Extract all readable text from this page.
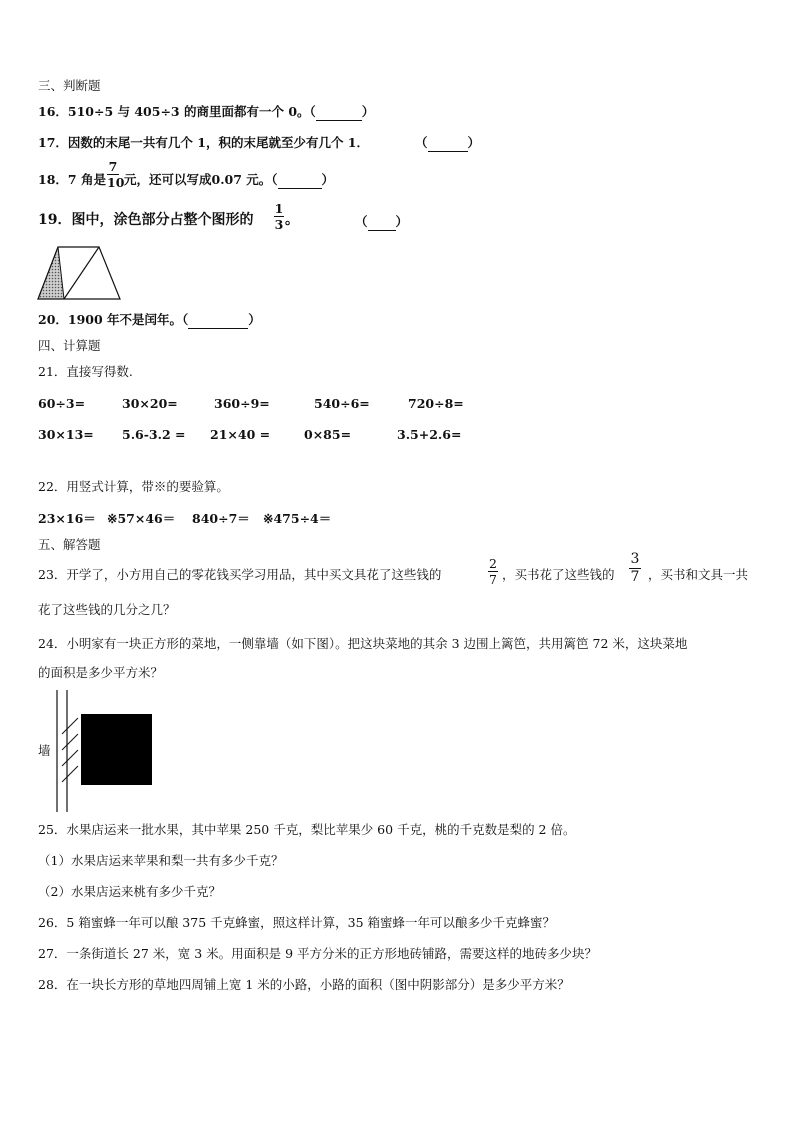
三、判断题
16．510÷5 与 405÷3 的商里面都有一个 0。（	）
17．因数的末尾一共有几个 1，积的末尾就至少有几个 1．	（	）
18．7 角是
7
10 元，还可以写成0.07 元。（	）
19．图中，涂色部分占整个图形的
1
3 。	（ ）
20．1900 年不是闰年。（	）
四、计算题
21．直接写得数.
60÷3=	30×20=	360÷9=	540÷6=	720÷8=
30×13= 5.6-3.2 = 21×40 =	0×85=	3.5+2.6=
22．用竖式计算，带※的要验算。
23×16＝ ※57×46＝ 840÷7＝ ※475÷4＝
五、解答题
23．开学了，小方用自己的零花钱买学习用品，其中买文具花了这些钱的
2
7 ，买书花了这些钱的
3
7 ，买书和文具一共
花了这些钱的几分之几？
24．小明家有一块正方形的菜地，一侧靠墙（如下图）。把这块菜地的其余 3 边围上篱笆，共用篱笆 72 米，这块菜地
的面积是多少平方米？
墙
25．水果店运来一批水果，其中苹果 250 千克，梨比苹果少 60 千克，桃的千克数是梨的 2 倍。
（1）水果店运来苹果和梨一共有多少千克？
（2）水果店运来桃有多少千克？
26．5 箱蜜蜂一年可以酿 375 千克蜂蜜，照这样计算，35 箱蜜蜂一年可以酿多少千克蜂蜜？
27．一条街道长 27 米，宽 3 米。用面积是 9 平方分米的正方形地砖铺路，需要这样的地砖多少块？
28．在一块长方形的草地四周铺上宽 1 米的小路，小路的面积（图中阴影部分）是多少平方米？
